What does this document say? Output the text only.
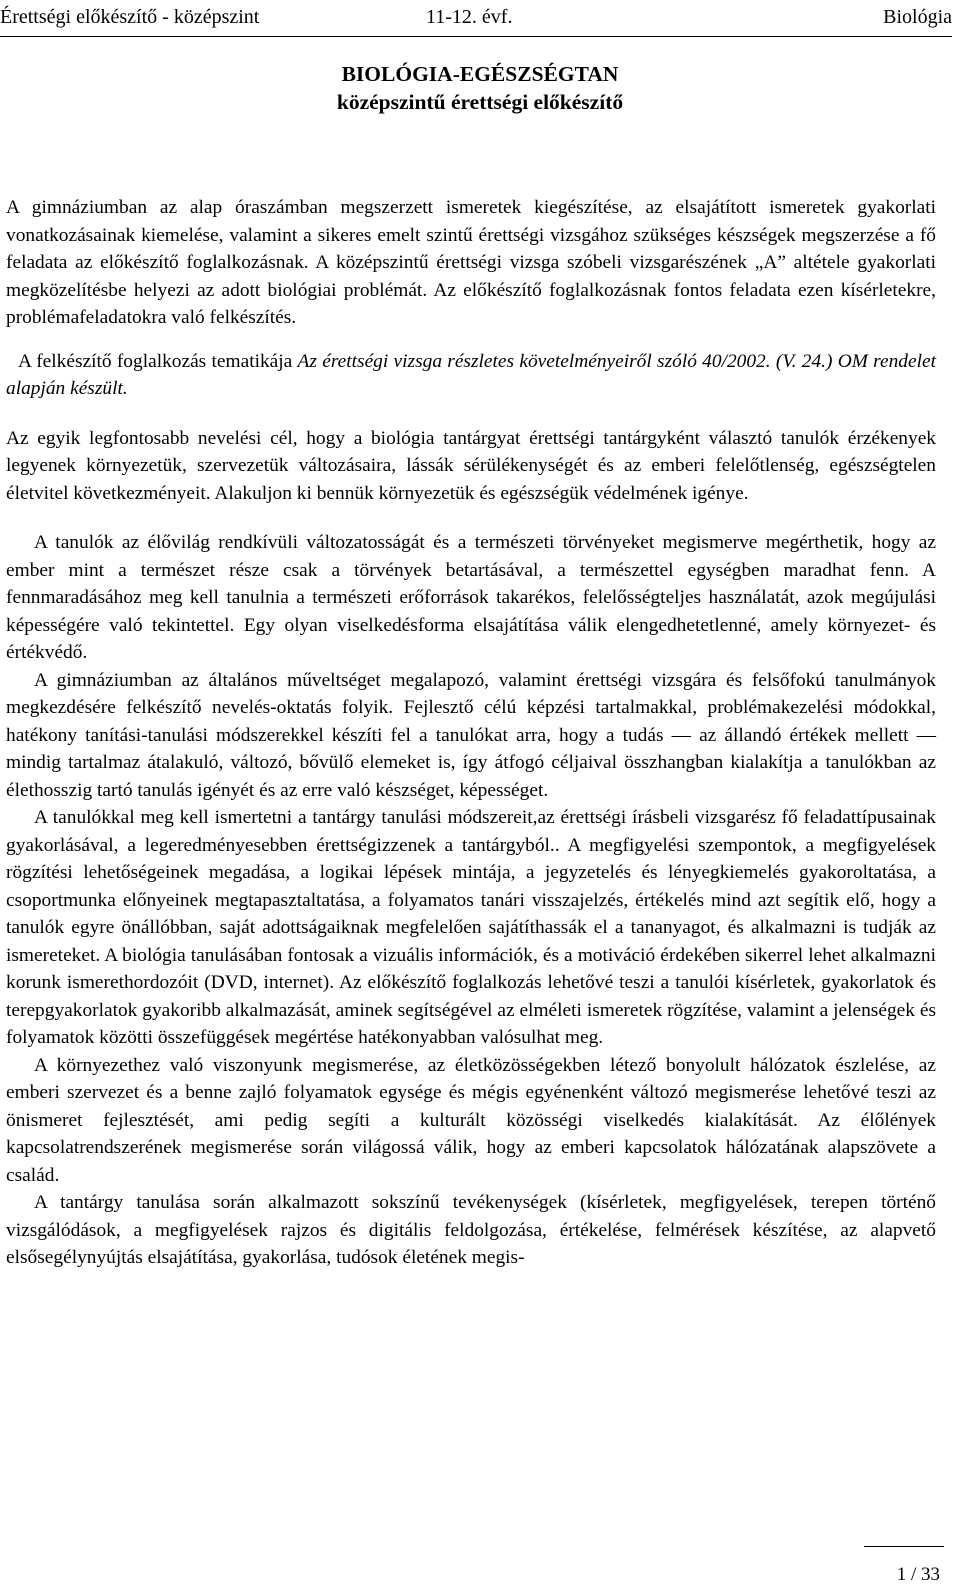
Érettségi előkészítő - középszint	11-12. évf.	Biológia
BIOLÓGIA-EGÉSZSÉGTAN
középszintű érettségi előkészítő

A gimnáziumban az alap óraszámban megszerzett ismeretek kiegészítése, az elsajátított ismeretek gyakorlati vonatkozásainak kiemelése, valamint a sikeres emelt szintű érettségi vizsgához szükséges készségek megszerzése a fő feladata az előkészítő foglalkozásnak. A középszintű érettségi vizsga szóbeli vizsgarészének „A” altétele gyakorlati megközelítésbe helyezi az adott biológiai problémát. Az előkészítő foglalkozásnak fontos feladata ezen kísérletekre, problémafeladatokra való felkészítés.

A felkészítő foglalkozás tematikája Az érettségi vizsga részletes követelményeiről szóló 40/2002. (V. 24.) OM rendelet alapján készült.

Az egyik legfontosabb nevelési cél, hogy a biológia tantárgyat érettségi tantárgyként választó tanulók érzékenyek legyenek környezetük, szervezetük változásaira, lássák sérülékenységét és az emberi felelőtlenség, egészségtelen életvitel következményeit. Alakuljon ki bennük környezetük és egészségük védelmének igénye.

A tanulók az élővilág rendkívüli változatosságát és a természeti törvényeket megismerve megérthetik, hogy az ember mint a természet része csak a törvények betartásával, a természettel egységben maradhat fenn. A fennmaradásához meg kell tanulnia a természeti erőforrások takarékos, felelősségteljes használatát, azok megújulási képességére való tekintettel. Egy olyan viselkedésforma elsajátítása válik elengedhetetlenné, amely környezet- és értékvédő.

A gimnáziumban az általános műveltséget megalapozó, valamint érettségi vizsgára és felsőfokú tanulmányok megkezdésére felkészítő nevelés-oktatás folyik. Fejlesztő célú képzési tartalmakkal, problémakezelési módokkal, hatékony tanítási-tanulási módszerekkel készíti fel a tanulókat arra, hogy a tudás — az állandó értékek mellett — mindig tartalmaz átalakuló, változó, bővülő elemeket is, így átfogó céljaival összhangban kialakítja a tanulókban az élethosszig tartó tanulás igényét és az erre való készséget, képességet.

A tanulókkal meg kell ismertetni a tantárgy tanulási módszereit,az érettségi írásbeli vizsgarész fő feladattípusainak gyakorlásával, a legeredményesebben érettségizzenek a tantárgyból.. A megfigyelési szempontok, a megfigyelések rögzítési lehetőségeinek megadása, a logikai lépések mintája, a jegyzetelés és lényegkiemelés gyakoroltatása, a csoportmunka előnyeinek megtapasztaltatása, a folyamatos tanári visszajelzés, értékelés mind azt segítik elő, hogy a tanulók egyre önállóbban, saját adottságaiknak megfelelően sajátíthassák el a tananyagot, és alkalmazni is tudják az ismereteket. A biológia tanulásában fontosak a vizuális információk, és a motiváció érdekében sikerrel lehet alkalmazni korunk ismerethordozóit (DVD, internet). Az előkészítő foglalkozás lehetővé teszi a tanulói kísérletek, gyakorlatok és terepgyakorlatok gyakoribb alkalmazását, aminek segítségével az elméleti ismeretek rögzítése, valamint a jelenségek és folyamatok közötti összefüggések megértése hatékonyabban valósulhat meg.

A környezethez való viszonyunk megismerése, az életközösségekben létező bonyolult hálózatok észlelése, az emberi szervezet és a benne zajló folyamatok egysége és mégis egyénenként változó megismerése lehetővé teszi az önismeret fejlesztését, ami pedig segíti a kulturált közösségi viselkedés kialakítását. Az élőlények kapcsolatrendszerének megismerése során világossá válik, hogy az emberi kapcsolatok hálózatának alapszövete a család.

A tantárgy tanulása során alkalmazott sokszínű tevékenységek (kísérletek, megfigyelések, terepen történő vizsgálódások, a megfigyelések rajzos és digitális feldolgozása, értékelése, felmérések készítése, az alapvető elsősegélynyújtás elsajátítása, gyakorlása, tudósok életének megis-

1 / 33
